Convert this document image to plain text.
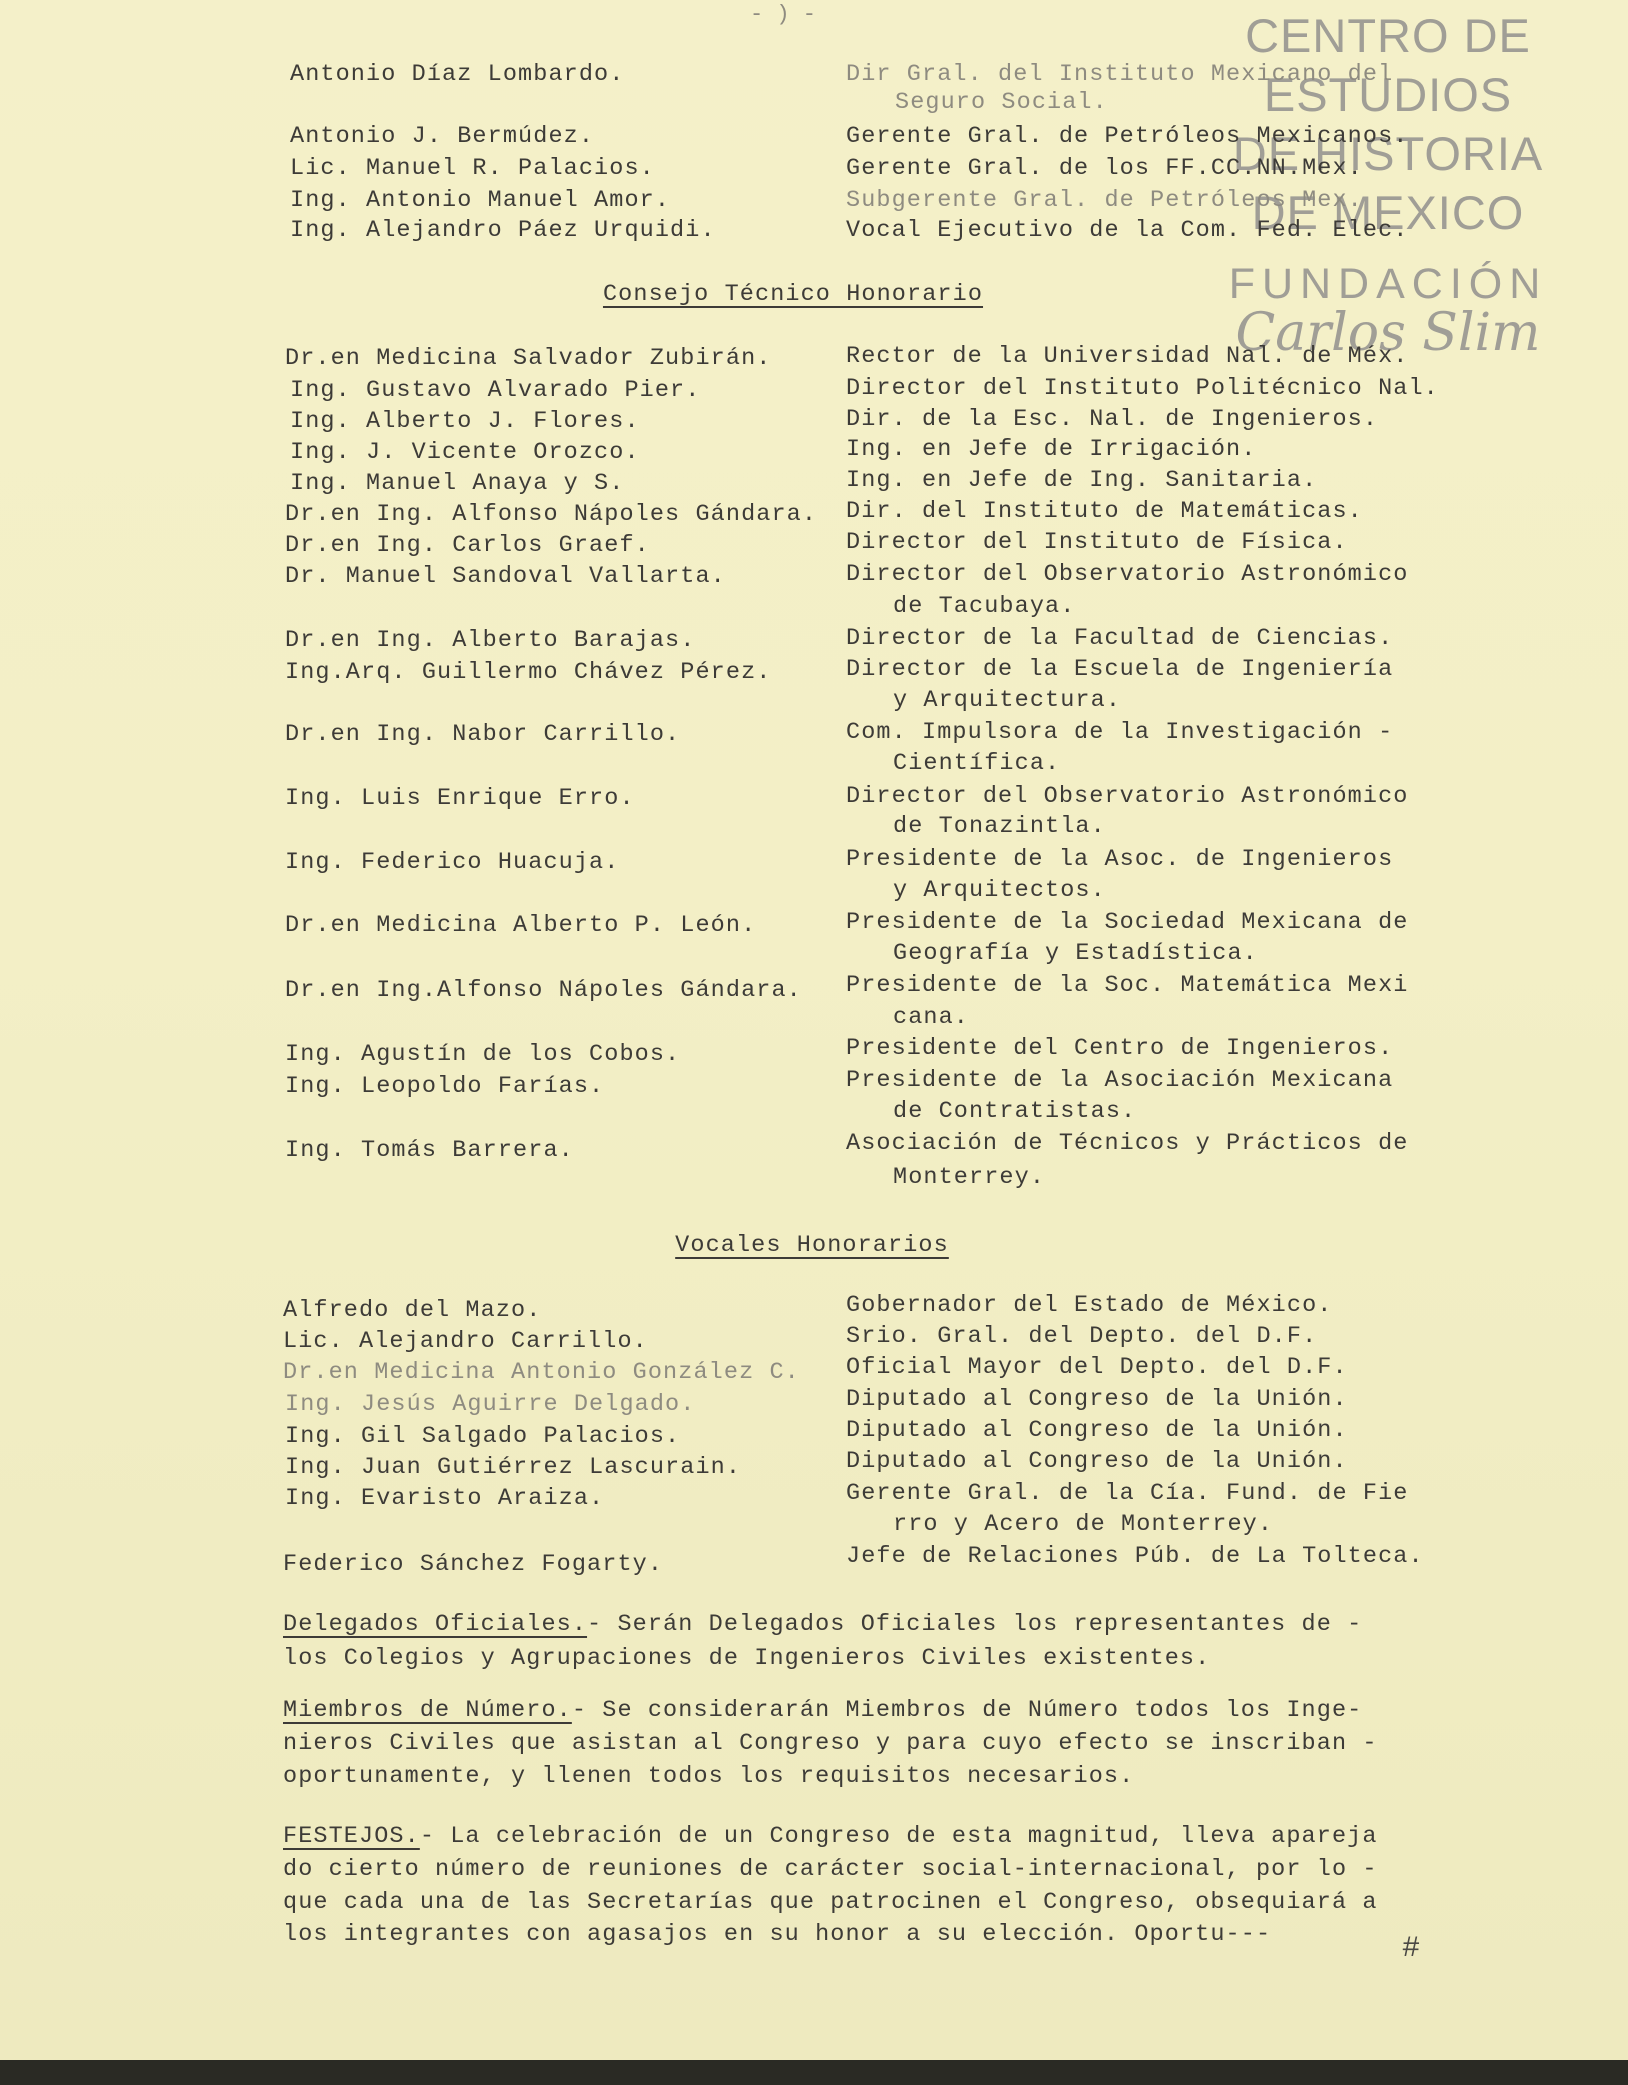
- ) -	CENTRO DE
ESTUDIOS
DE HISTORIA
DE MEXICO
FUNDACIÓN
Carlos Slim

Antonio Díaz Lombardo.	Dir Gral. del Instituto Mexicano del

Seguro Social.

Antonio J. Bermúdez.	Gerente Gral. de Petróleos Mexicanos.

Lic. Manuel R. Palacios.	Gerente Gral. de los FF.CC.NN.Mex.

Ing. Antonio Manuel Amor.	Subgerente Gral. de Petróleos Mex.

Ing. Alejandro Páez Urquidi.	Vocal Ejecutivo de la Com. Fed. Elec.

Consejo Técnico Honorario

Dr.en Medicina Salvador Zubirán.	Rector de la Universidad Nal. de Méx.

Ing. Gustavo Alvarado Pier.	Director del Instituto Politécnico Nal.

Ing. Alberto J. Flores.	Dir. de la Esc. Nal. de Ingenieros.

Ing. J. Vicente Orozco.	Ing. en Jefe de Irrigación.

Ing. Manuel Anaya y S.	Ing. en Jefe de Ing. Sanitaria.

Dr.en Ing. Alfonso Nápoles Gándara. Dir. del Instituto de Matemáticas.

Dr.en Ing. Carlos Graef.	Director del Instituto de Física.

Dr. Manuel Sandoval Vallarta.	Director del Observatorio Astronómico

de Tacubaya.

Dr.en Ing. Alberto Barajas.	Director de la Facultad de Ciencias.

Ing.Arq. Guillermo Chávez Pérez.	Director de la Escuela de Ingeniería

y Arquitectura.

Dr.en Ing. Nabor Carrillo.	Com. Impulsora de la Investigación -

Científica.

Ing. Luis Enrique Erro.	Director del Observatorio Astronómico

de Tonazintla.

Ing. Federico Huacuja.	Presidente de la Asoc. de Ingenieros

y Arquitectos.

Dr.en Medicina Alberto P. León.	Presidente de la Sociedad Mexicana de

Geografía y Estadística.

Dr.en Ing.Alfonso Nápoles Gándara. Presidente de la Soc. Matemática Mexi

cana.

Ing. Agustín de los Cobos.	Presidente del Centro de Ingenieros.

Ing. Leopoldo Farías.	Presidente de la Asociación Mexicana

de Contratistas.

Ing. Tomás Barrera.	Asociación de Técnicos y Prácticos de

Monterrey.

Vocales Honorarios

Alfredo del Mazo.	Gobernador del Estado de México.

Lic. Alejandro Carrillo.	Srio. Gral. del Depto. del D.F.

Dr.en Medicina Antonio González C. Oficial Mayor del Depto. del D.F.

Ing. Jesús Aguirre Delgado.	Diputado al Congreso de la Unión.

Ing. Gil Salgado Palacios.	Diputado al Congreso de la Unión.

Ing. Juan Gutiérrez Lascurain.	Diputado al Congreso de la Unión.

Ing. Evaristo Araiza.	Gerente Gral. de la Cía. Fund. de Fie

rro y Acero de Monterrey.

Federico Sánchez Fogarty.	Jefe de Relaciones Púb. de La Tolteca.

Delegados Oficiales.- Serán Delegados Oficiales los representantes de -

los Colegios y Agrupaciones de Ingenieros Civiles existentes.

Miembros de Número.- Se considerarán Miembros de Número todos los Inge-

nieros Civiles que asistan al Congreso y para cuyo efecto se inscriban -

oportunamente, y llenen todos los requisitos necesarios.

FESTEJOS.- La celebración de un Congreso de esta magnitud, lleva apareja

do cierto número de reuniones de carácter social-internacional, por lo -

que cada una de las Secretarías que patrocinen el Congreso, obsequiará a

los integrantes con agasajos en su honor a su elección. Oportu---	#
